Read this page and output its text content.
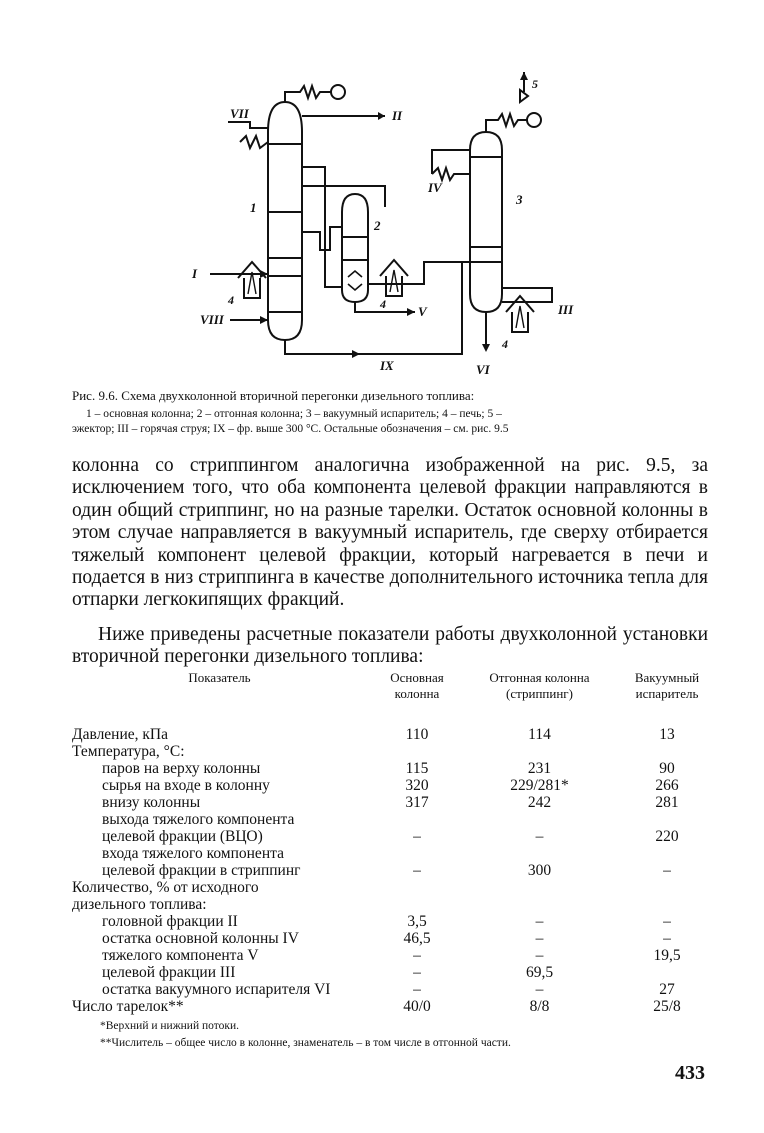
1
2
3
4	4
4
5
I
II
III
IV
V
VI
VII
VIII
IX
Рис. 9.6. Схема двухколонной вторичной перегонки дизельного топлива:
1 – основная колонна; 2 – отгонная колонна; 3 – вакуумный испаритель; 4 – печь; 5 –
эжектор; III – горячая струя; IX – фр. выше 300 °С. Остальные обозначения – см. рис. 9.5
колонна со стриппингом аналогична изображенной на рис. 9.5, за исключением того, что оба компонента целевой фракции направляются в один общий стриппинг, но на разные тарелки. Остаток основной колонны в этом случае направляется в вакуумный испаритель, где сверху отбирается тяжелый компонент целевой фракции, который нагревается в печи и подается в низ стриппинга в качестве дополнительного источника тепла для отпарки легкокипящих фракций.
Ниже приведены расчетные показатели работы двухколонной установки вторичной перегонки дизельного топлива:
Показатель	Основная колонна	Отгонная колонна (стриппинг)	Вакуумный испаритель

Давление, кПа	110	114	13
Температура, °С:			
паров на верху колонны	115	231	90
сырья на входе в колонну	320	229/281*	266
внизу колонны	317	242	281
выхода тяжелого компонента			
целевой фракции (ВЦО)	–	–	220
входа тяжелого компонента			
целевой фракции в стриппинг	–	300	–
Количество, % от исходного			
дизельного топлива:			
головной фракции II	3,5	–	–
остатка основной колонны IV	46,5	–	–
тяжелого компонента V	–	–	19,5
целевой фракции III	–	69,5	
остатка вакуумного испарителя VI	–	–	27
Число тарелок**	40/0	8/8	25/8
*Верхний и нижний потоки.
**Числитель – общее число в колонне, знаменатель – в том числе в отгонной части.
433
